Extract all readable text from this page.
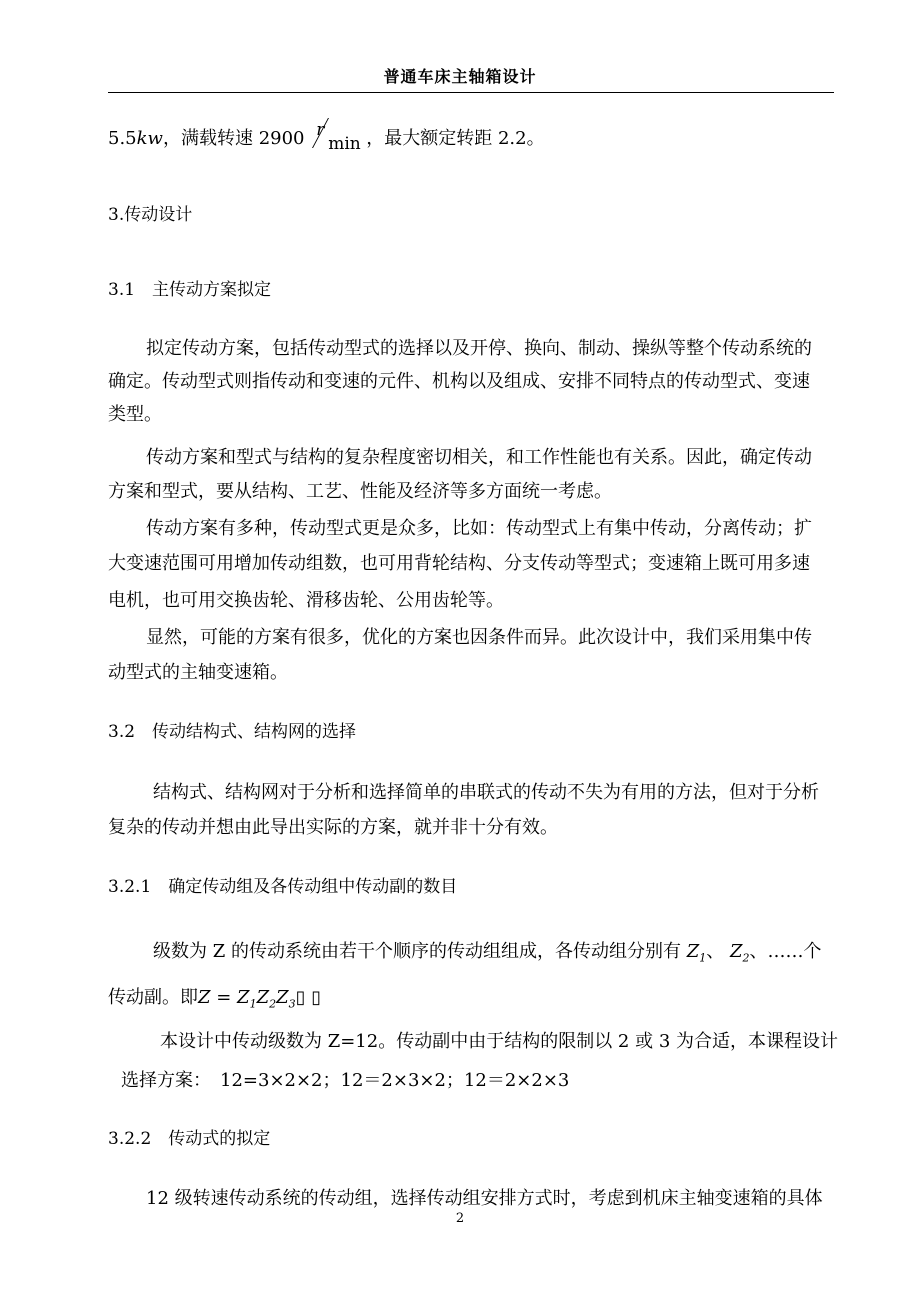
普通车床主轴箱设计
5.5kw，满载转速 2900 r
min ，最大额定转距 2.2。
3.传动设计
3.1　主传动方案拟定
拟定传动方案，包括传动型式的选择以及开停、换向、制动、操纵等整个传动系统的
确定。传动型式则指传动和变速的元件、机构以及组成、安排不同特点的传动型式、变速
类型。
传动方案和型式与结构的复杂程度密切相关，和工作性能也有关系。因此，确定传动
方案和型式，要从结构、工艺、性能及经济等多方面统一考虑。
传动方案有多种，传动型式更是众多，比如：传动型式上有集中传动，分离传动；扩
大变速范围可用增加传动组数，也可用背轮结构、分支传动等型式；变速箱上既可用多速
电机，也可用交换齿轮、滑移齿轮、公用齿轮等。
显然，可能的方案有很多，优化的方案也因条件而异。此次设计中，我们采用集中传
动型式的主轴变速箱。
3.2　传动结构式、结构网的选择
结构式、结构网对于分析和选择简单的串联式的传动不失为有用的方法，但对于分析
复杂的传动并想由此导出实际的方案，就并非十分有效。
3.2.1　确定传动组及各传动组中传动副的数目
级数为 Z 的传动系统由若干个顺序的传动组组成，各传动组分别有 $Z_1$、 $Z_2$、……个
传动副。即$Z = Z_1Z_2Z_3▯$ ▯
本设计中传动级数为 Z=12。传动副中由于结构的限制以 2 或 3 为合适，本课程设计
选择方案：　12=3×2×2；12＝2×3×2；12＝2×2×3
3.2.2　传动式的拟定
12 级转速传动系统的传动组，选择传动组安排方式时，考虑到机床主轴变速箱的具体
2
